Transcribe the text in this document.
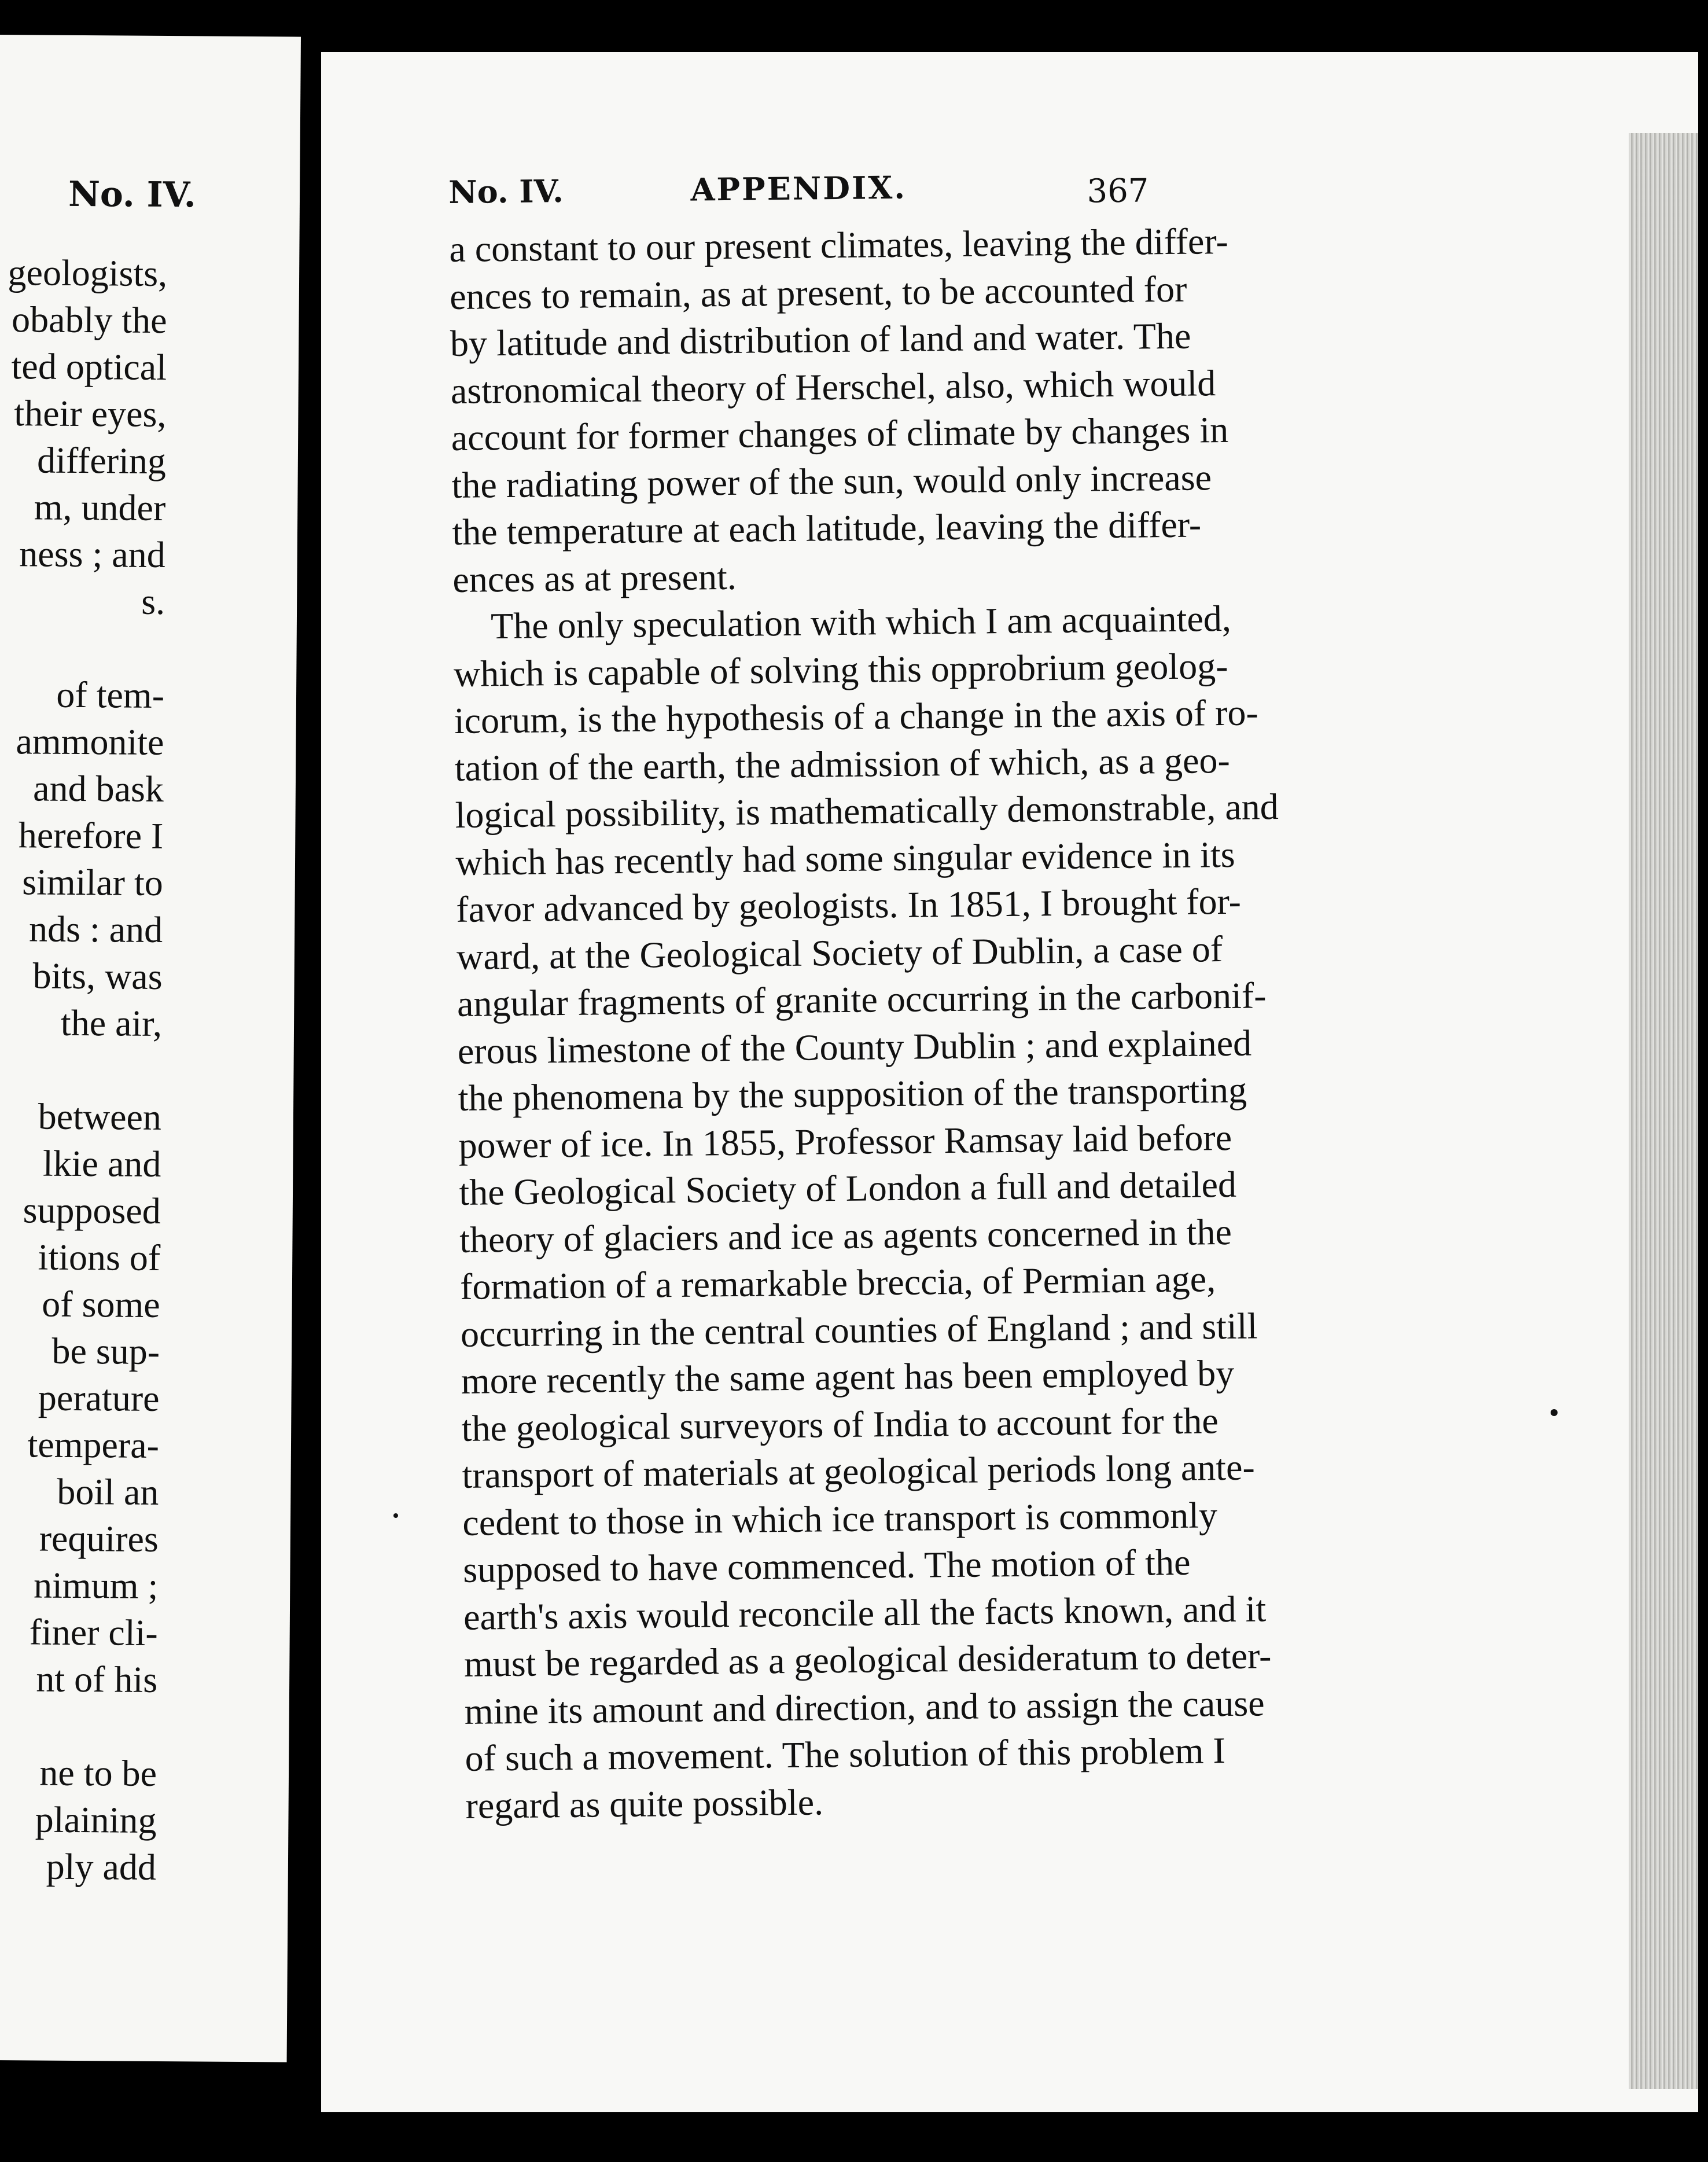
No. IV.
geologists,
obably the
ted optical
their eyes,
differing
m, under
ness ; and
s.
of tem-
ammonite
and bask
herefore I
similar to
nds : and
bits, was
the air,
between
lkie and
supposed
itions of
of some
be sup-
perature
tempera-
boil an
requires
nimum ;
finer cli-
nt of his
ne to be
plaining
ply add
No. IV.	APPENDIX.	367
a constant to our present climates, leaving the differ-
ences to remain, as at present, to be accounted for
by latitude and distribution of land and water. The
astronomical theory of Herschel, also, which would
account for former changes of climate by changes in
the radiating power of the sun, would only increase
the temperature at each latitude, leaving the differ-
ences as at present.
The only speculation with which I am acquainted,
which is capable of solving this opprobrium geolog-
icorum, is the hypothesis of a change in the axis of ro-
tation of the earth, the admission of which, as a geo-
logical possibility, is mathematically demonstrable, and
which has recently had some singular evidence in its
favor advanced by geologists. In 1851, I brought for-
ward, at the Geological Society of Dublin, a case of
angular fragments of granite occurring in the carbonif-
erous limestone of the County Dublin ; and explained
the phenomena by the supposition of the transporting
power of ice. In 1855, Professor Ramsay laid before
the Geological Society of London a full and detailed
theory of glaciers and ice as agents concerned in the
formation of a remarkable breccia, of Permian age,
occurring in the central counties of England ; and still
more recently the same agent has been employed by
the geological surveyors of India to account for the
transport of materials at geological periods long ante-
cedent to those in which ice transport is commonly
supposed to have commenced. The motion of the
earth's axis would reconcile all the facts known, and it
must be regarded as a geological desideratum to deter-
mine its amount and direction, and to assign the cause
of such a movement. The solution of this problem I
regard as quite possible.
